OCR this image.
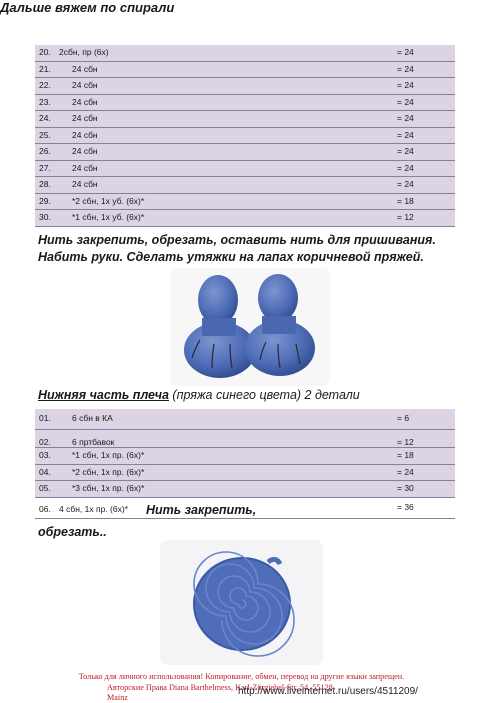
Дальше вяжем по спирали
20. 2сбн, пр (6х)	= 24
21. 24 сбн	= 24
22. 24 сбн	= 24
23. 24 сбн	= 24
24. 24 сбн	= 24
25. 24 сбн	= 24
26. 24 сбн	= 24
27. 24 сбн	= 24
28. 24 сбн	= 24
29. *2 сбн, 1х уб. (6х)*	= 18
30. *1 сбн, 1х уб. (6х)*	= 12
Нить закрепить, обрезать, оставить нить для пришивания.
Набить руки. Сделать утяжки на лапах коричневой пряжей.
Нижняя часть плеча (пряжа синего цвета) 2 детали
01. 6 сбн в КА	= 6
02. 6 пртбавок	= 12
03. *1 сбн, 1х пр. (6х)*	= 18
04. *2 сбн, 1х пр. (6х)*	= 24
05. *3 сбн, 1х пр. (6х)*	= 30
06. 4 сбн, 1х пр. (6х)* Нить закрепить,	= 36
обрезать..
Только для личного использования! Копирование, обмен, перевод на другие языки запрещен.
Авторские Права Diana Barthelmess, Karl-Zörgiebel-Str. 54, 55128 Mainz
http://www.liveinternet.ru/users/4511209/
